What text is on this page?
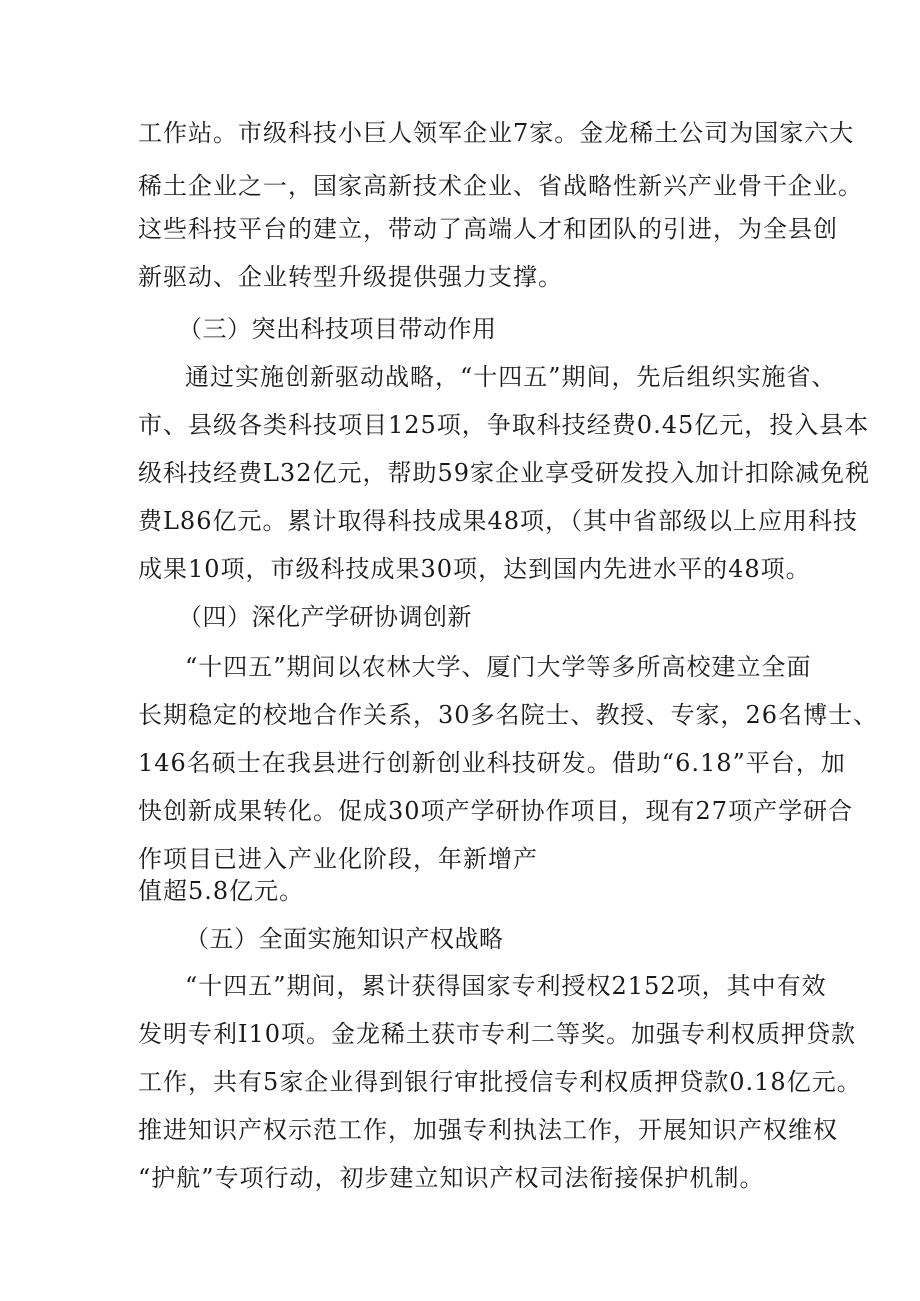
工作站。市级科技小巨人领军企业7家。金龙稀土公司为国家六大
稀土企业之一，国家高新技术企业、省战略性新兴产业骨干企业。
这些科技平台的建立，带动了高端人才和团队的引进，为全县创
新驱动、企业转型升级提供强力支撑。
（三）突出科技项目带动作用
通过实施创新驱动战略，“十四五”期间，先后组织实施省、
市、县级各类科技项目125项，争取科技经费0.45亿元，投入县本
级科技经费L32亿元，帮助59家企业享受研发投入加计扣除减免税
费L86亿元。累计取得科技成果48项，（其中省部级以上应用科技
成果10项，市级科技成果30项，达到国内先进水平的48项。
（四）深化产学研协调创新
“十四五”期间以农林大学、厦门大学等多所高校建立全面
长期稳定的校地合作关系，30多名院士、教授、专家，26名博士、
146名硕士在我县进行创新创业科技研发。借助“6.18”平台，加
快创新成果转化。促成30项产学研协作项目，现有27项产学研合
作项目已进入产业化阶段，年新增产
值超5.8亿元。
（五）全面实施知识产权战略
“十四五”期间，累计获得国家专利授权2152项，其中有效
发明专利I10项。金龙稀土获市专利二等奖。加强专利权质押贷款
工作，共有5家企业得到银行审批授信专利权质押贷款0.18亿元。
推进知识产权示范工作，加强专利执法工作，开展知识产权维权
“护航”专项行动，初步建立知识产权司法衔接保护机制。
